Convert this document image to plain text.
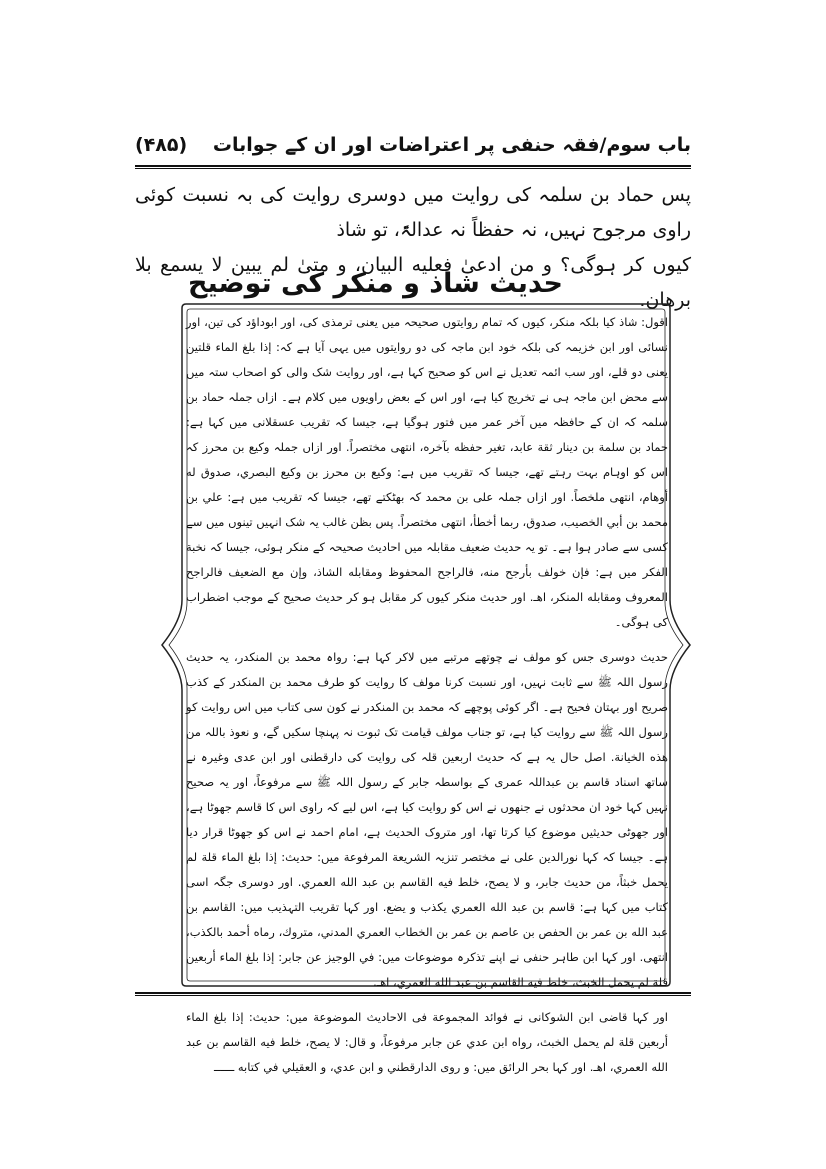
باب سوم/فقہ حنفی پر اعتراضات اور ان کے جوابات
(۴۸۵)

پس حماد بن سلمہ کی روایت میں دوسری روایت کی بہ نسبت کوئی راوی مرجوح نہیں، نہ حفظاً نہ عدالۃً، تو شاذ

کیوں کر ہوگی؟ و من ادعیٰ فعلیه البیان، و متیٰ لم یبین لا یسمع بلا برهان.

حدیث شاذ و منکر کی توضیح

اقول: شاذ کیا بلکہ منکر، کیوں کہ تمام روایتوں صحیحہ میں یعنی ترمذی کی، اور ابوداؤد کی تین، اور نسائی اور ابن خزیمہ کی بلکہ خود ابن ماجہ کی دو روایتوں میں یہی آیا ہے کہ: إذا بلغ الماء قلتین یعنی دو قلے، اور سب ائمہ تعدیل نے اس کو صحیح کہا ہے، اور روایت شک والی کو اصحاب ستہ میں سے محض ابن ماجہ ہی نے تخریج کیا ہے، اور اس کے بعض راویوں میں کلام ہے۔ ازاں جملہ حماد بن سلمہ کہ ان کے حافظہ میں آخر عمر میں فتور ہوگیا ہے، جیسا کہ تقریب عسقلانی میں کہا ہے: حماد بن سلمة بن دينار ثقة عابد، تغير حفظه بآخره، انتهى مختصراً. اور ازاں جملہ وکیع بن محرز کہ اس کو اوہام بہت رہتے تھے، جیسا کہ تقریب میں ہے: وکیع بن محرز بن وکیع البصري، صدوق له أوهام، انتهى ملخصاً. اور ازاں جملہ علی بن محمد کہ بھٹکتے تھے، جیسا کہ تقریب میں ہے: علي بن محمد بن أبي الخصيب، صدوق، ربما أخطأ، انتهى مختصراً. پس بظن غالب یہ شک انہیں تینوں میں سے کسی سے صادر ہوا ہے۔ تو یہ حدیث ضعیف مقابلہ میں احادیث صحیحہ کے منکر ہوئی، جیسا کہ نخبة الفکر میں ہے: فإن خولف بأرجح منه، فالراجح المحفوظ ومقابله الشاذ، وإن مع الضعيف فالراجح المعروف ومقابله المنكر، اهـ. اور حدیث منکر کیوں کر مقابل ہو کر حدیث صحیح کے موجب اضطراب کی ہوگی۔

حدیث دوسری جس کو مولف نے چوتھے مرتبے میں لاکر کہا ہے: رواہ محمد بن المنکدر، یہ حدیث رسول اللہ ﷺ سے ثابت نہیں، اور نسبت کرنا مولف کا روایت کو طرف محمد بن المنکدر کے کذب صریح اور بہتان فحیح ہے۔ اگر کوئی پوچھے کہ محمد بن المنکدر نے کون سی کتاب میں اس روایت کو رسول اللہ ﷺ سے روایت کیا ہے، تو جناب مولف قیامت تک ثبوت نہ پہنچا سکیں گے، و نعوذ باللہ من هذه الخیانة. اصل حال یہ ہے کہ حدیث اربعین قلہ کی روایت کی دارقطنی اور ابن عدی وغیرہ نے ساتھ اسناد قاسم بن عبداللہ عمری کے بواسطہ جابر کے رسول اللہ ﷺ سے مرفوعاً، اور یہ صحیح نہیں کہا خود ان محدثوں نے جنھوں نے اس کو روایت کیا ہے، اس لیے کہ راوی اس کا قاسم جھوٹا ہے، اور جھوٹی حدیثیں موضوع کیا کرتا تھا، اور متروک الحدیث ہے، امام احمد نے اس کو جھوٹا قرار دیا ہے۔ جیسا کہ کہا نورالدین علی نے مختصر تنزیہ الشریعة المرفوعة میں: حدیث: إذا بلغ الماء قلة لم يحمل خبثاً، من حديث جابر، و لا يصح، خلط فيه القاسم بن عبد الله العمري. اور دوسری جگہ اسی کتاب میں کہا ہے: قاسم بن عبد الله العمري يكذب و يضع. اور کہا تقریب التہذیب میں: القاسم بن عبد الله بن عمر بن الحفص بن عاصم بن عمر بن الخطاب العمري المدني، متروك، رماه أحمد بالكذب، انتهى. اور کہا ابن طاہر حنفی نے اپنے تذکرہ موضوعات میں: في الوجيز عن جابر: إذا بلغ الماء أربعين قلة لم يحمل الخبث، خلط فيه القاسم بن عبد الله العمري، اهـ.

اور کہا قاضی ابن الشوکانی نے فوائد المجموعة فی الاحادیث الموضوعة میں: حدیث: إذا بلغ الماء أربعين قلة لم يحمل الخبث، رواه ابن عدي عن جابر مرفوعاً، و قال: لا يصح، خلط فيه القاسم بن عبد الله العمري، اهـ. اور کہا بحر الرائق میں: و روى الدارقطني و ابن عدي، و العقيلي في كتابه ــــــ
